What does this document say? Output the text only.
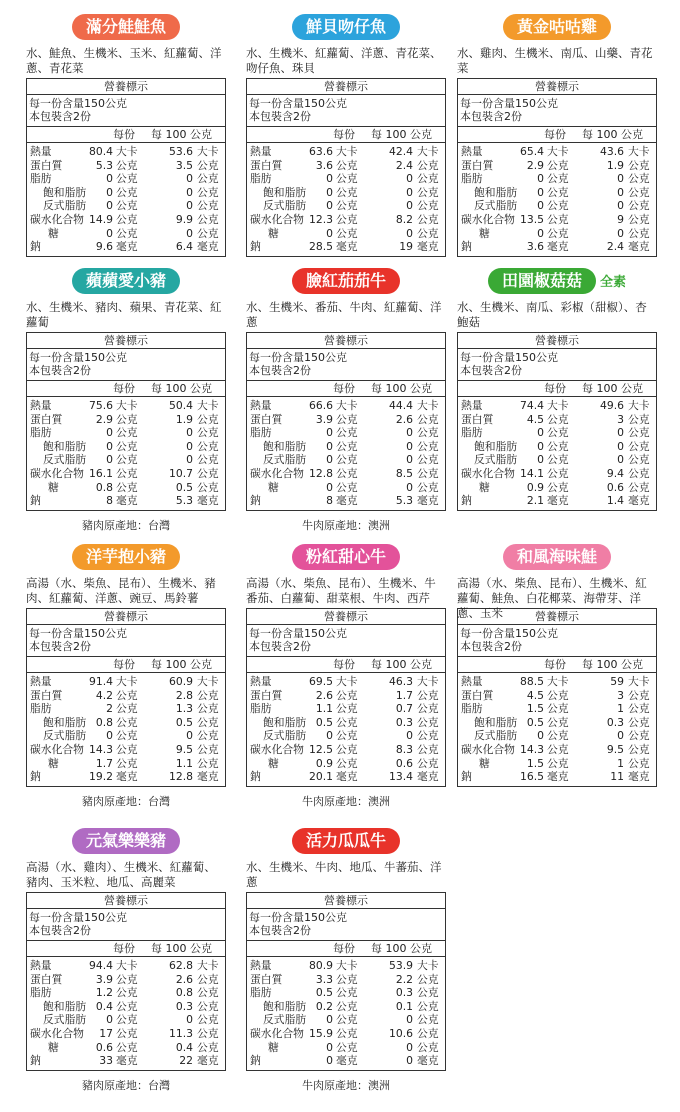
滿分鮭鮭魚
水、鮭魚、生機米、玉米、紅蘿蔔、洋蔥、青花菜
營養標示
每一份含量150公克
本包裝含2份
每份 每 100 公克
熱量	80.4 大卡	53.6 大卡
蛋白質	5.3 公克	3.5 公克
脂肪	0 公克	0 公克
飽和脂肪 0 公克	0 公克
反式脂肪 0 公克	0 公克
碳水化合物 14.9 公克	9.9 公克
糖	0 公克	0 公克
鈉	9.6 毫克	6.4 毫克
鮮貝吻仔魚
水、生機米、紅蘿蔔、洋蔥、青花菜、吻仔魚、珠貝
營養標示
每一份含量150公克
本包裝含2份
每份 每 100 公克
熱量	63.6 大卡	42.4 大卡
蛋白質	3.6 公克	2.4 公克
脂肪	0 公克	0 公克
飽和脂肪 0 公克	0 公克
反式脂肪 0 公克	0 公克
碳水化合物 12.3 公克	8.2 公克
糖	0 公克	0 公克
鈉	28.5 毫克	19 毫克
黃金咕咕雞
水、雞肉、生機米、南瓜、山藥、青花菜
營養標示
每一份含量150公克
本包裝含2份
每份 每 100 公克
熱量	65.4 大卡	43.6 大卡
蛋白質	2.9 公克	1.9 公克
脂肪	0 公克	0 公克
飽和脂肪 0 公克	0 公克
反式脂肪 0 公克	0 公克
碳水化合物 13.5 公克	9 公克
糖	0 公克	0 公克
鈉	3.6 毫克	2.4 毫克
蘋蘋愛小豬
水、生機米、豬肉、蘋果、青花菜、紅蘿蔔
營養標示
每一份含量150公克
本包裝含2份
每份 每 100 公克
熱量	75.6 大卡	50.4 大卡
蛋白質	2.9 公克	1.9 公克
脂肪	0 公克	0 公克
飽和脂肪 0 公克	0 公克
反式脂肪 0 公克	0 公克
碳水化合物 16.1 公克	10.7 公克
糖	0.8 公克	0.5 公克
鈉	8 毫克	5.3 毫克
豬肉原產地：台灣
臉紅茄茄牛
水、生機米、番茄、牛肉、紅蘿蔔、洋蔥
營養標示
每一份含量150公克
本包裝含2份
每份 每 100 公克
熱量	66.6 大卡	44.4 大卡
蛋白質	3.9 公克	2.6 公克
脂肪	0 公克	0 公克
飽和脂肪 0 公克	0 公克
反式脂肪 0 公克	0 公克
碳水化合物 12.8 公克	8.5 公克
糖	0 公克	0 公克
鈉	8 毫克	5.3 毫克
牛肉原產地：澳洲
田園椒菇菇 全素
水、生機米、南瓜、彩椒（甜椒）、杏鮑菇
營養標示
每一份含量150公克
本包裝含2份
每份 每 100 公克
熱量	74.4 大卡	49.6 大卡
蛋白質	4.5 公克	3 公克
脂肪	0 公克	0 公克
飽和脂肪 0 公克	0 公克
反式脂肪 0 公克	0 公克
碳水化合物 14.1 公克	9.4 公克
糖	0.9 公克	0.6 公克
鈉	2.1 毫克	1.4 毫克
洋芋抱小豬
高湯（水、柴魚、昆布）、生機米、豬肉、紅蘿蔔、洋蔥、豌豆、馬鈴薯
營養標示
每一份含量150公克
本包裝含2份
每份 每 100 公克
熱量	91.4 大卡	60.9 大卡
蛋白質	4.2 公克	2.8 公克
脂肪	2 公克	1.3 公克
飽和脂肪 0.8 公克	0.5 公克
反式脂肪 0 公克	0 公克
碳水化合物 14.3 公克	9.5 公克
糖	1.7 公克	1.1 公克
鈉	19.2 毫克	12.8 毫克
豬肉原產地：台灣
粉紅甜心牛
高湯（水、柴魚、昆布）、生機米、牛番茄、白蘿蔔、甜菜根、牛肉、西芹
營養標示
每一份含量150公克
本包裝含2份
每份 每 100 公克
熱量	69.5 大卡	46.3 大卡
蛋白質	2.6 公克	1.7 公克
脂肪	1.1 公克	0.7 公克
飽和脂肪 0.5 公克	0.3 公克
反式脂肪 0 公克	0 公克
碳水化合物 12.5 公克	8.3 公克
糖	0.9 公克	0.6 公克
鈉	20.1 毫克	13.4 毫克
牛肉原產地：澳洲
和風海味鮭
高湯（水、柴魚、昆布）、生機米、紅蘿蔔、鮭魚、白花椰菜、海帶芽、洋蔥、玉米	營養標示
每一份含量150公克
本包裝含2份
每份 每 100 公克
熱量	88.5 大卡	59 大卡
蛋白質	4.5 公克	3 公克
脂肪	1.5 公克	1 公克
飽和脂肪 0.5 公克	0.3 公克
反式脂肪 0 公克	0 公克
碳水化合物 14.3 公克	9.5 公克
糖	1.5 公克	1 公克
鈉	16.5 毫克	11 毫克
元氣樂樂豬
高湯（水、雞肉）、生機米、紅蘿蔔、豬肉、玉米粒、地瓜、高麗菜
營養標示
每一份含量150公克
本包裝含2份
每份 每 100 公克
熱量	94.4 大卡	62.8 大卡
蛋白質	3.9 公克	2.6 公克
脂肪	1.2 公克	0.8 公克
飽和脂肪 0.4 公克	0.3 公克
反式脂肪 0 公克	0 公克
碳水化合物 17 公克	11.3 公克
糖	0.6 公克	0.4 公克
鈉	33 毫克	22 毫克
豬肉原產地：台灣
活力瓜瓜牛
水、生機米、牛肉、地瓜、牛蕃茄、洋蔥
營養標示
每一份含量150公克
本包裝含2份
每份 每 100 公克
熱量	80.9 大卡	53.9 大卡
蛋白質	3.3 公克	2.2 公克
脂肪	0.5 公克	0.3 公克
飽和脂肪 0.2 公克	0.1 公克
反式脂肪 0 公克	0 公克
碳水化合物 15.9 公克	10.6 公克
糖	0 公克	0 公克
鈉	0 毫克	0 毫克
牛肉原產地：澳洲
